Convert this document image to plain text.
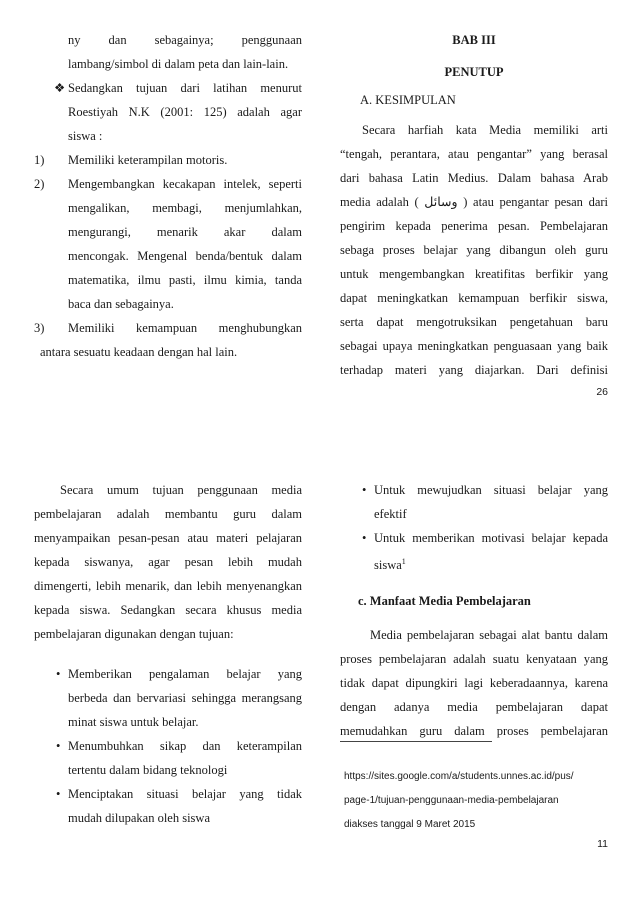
ny dan sebagainya; penggunaan
lambang/simbol di dalam peta dan lain-lain.
❖ Sedangkan tujuan dari latihan menurut
Roestiyah N.K (2001: 125) adalah agar
siswa :
1)	Memiliki keterampilan motoris.
2)	Mengembangkan kecakapan intelek, seperti
mengalikan, membagi, menjumlahkan,
mengurangi, menarik akar dalam
mencongak. Mengenal benda/bentuk dalam
matematika, ilmu pasti, ilmu kimia, tanda
baca dan sebagainya.
3)	Memiliki kemampuan menghubungkan
antara sesuatu keadaan dengan hal lain.
BAB III
PENUTUP
A. KESIMPULAN
Secara harfiah kata Media memiliki arti
“tengah, perantara, atau pengantar” yang berasal
dari bahasa Latin Medius. Dalam bahasa Arab
media adalah ( وسائل ) atau pengantar pesan dari
pengirim kepada penerima pesan. Pembelajaran
sebaga proses belajar yang dibangun oleh guru
untuk mengembangkan kreatifitas berfikir yang
dapat meningkatkan kemampuan berfikir siswa,
serta dapat mengotruksikan pengetahuan baru
sebagai upaya meningkatkan penguasaan yang baik
terhadap materi yang diajarkan. Dari definisi
26
Secara umum tujuan penggunaan media
pembelajaran adalah membantu guru dalam
menyampaikan pesan-pesan atau materi pelajaran
kepada siswanya, agar pesan lebih mudah
dimengerti, lebih menarik, dan lebih menyenangkan
kepada siswa. Sedangkan secara khusus media
pembelajaran digunakan dengan tujuan:
• Memberikan pengalaman belajar yang
berbeda dan bervariasi sehingga merangsang
minat siswa untuk belajar.
• Menumbuhkan sikap dan keterampilan
tertentu dalam bidang teknologi
• Menciptakan situasi belajar yang tidak
mudah dilupakan oleh siswa
• Untuk mewujudkan situasi belajar yang
efektif
• Untuk memberikan motivasi belajar kepada
siswa$^1$
c. Manfaat Media Pembelajaran
Media pembelajaran sebagai alat bantu dalam
proses pembelajaran adalah suatu kenyataan yang
tidak dapat dipungkiri lagi keberadaannya, karena
dengan adanya media pembelajaran dapat
memudahkan guru dalam proses pembelajaran
https://sites.google.com/a/students.unnes.ac.id/pus/
page-1/tujuan-penggunaan-media-pembelajaran
diakses tanggal 9 Maret 2015
11
